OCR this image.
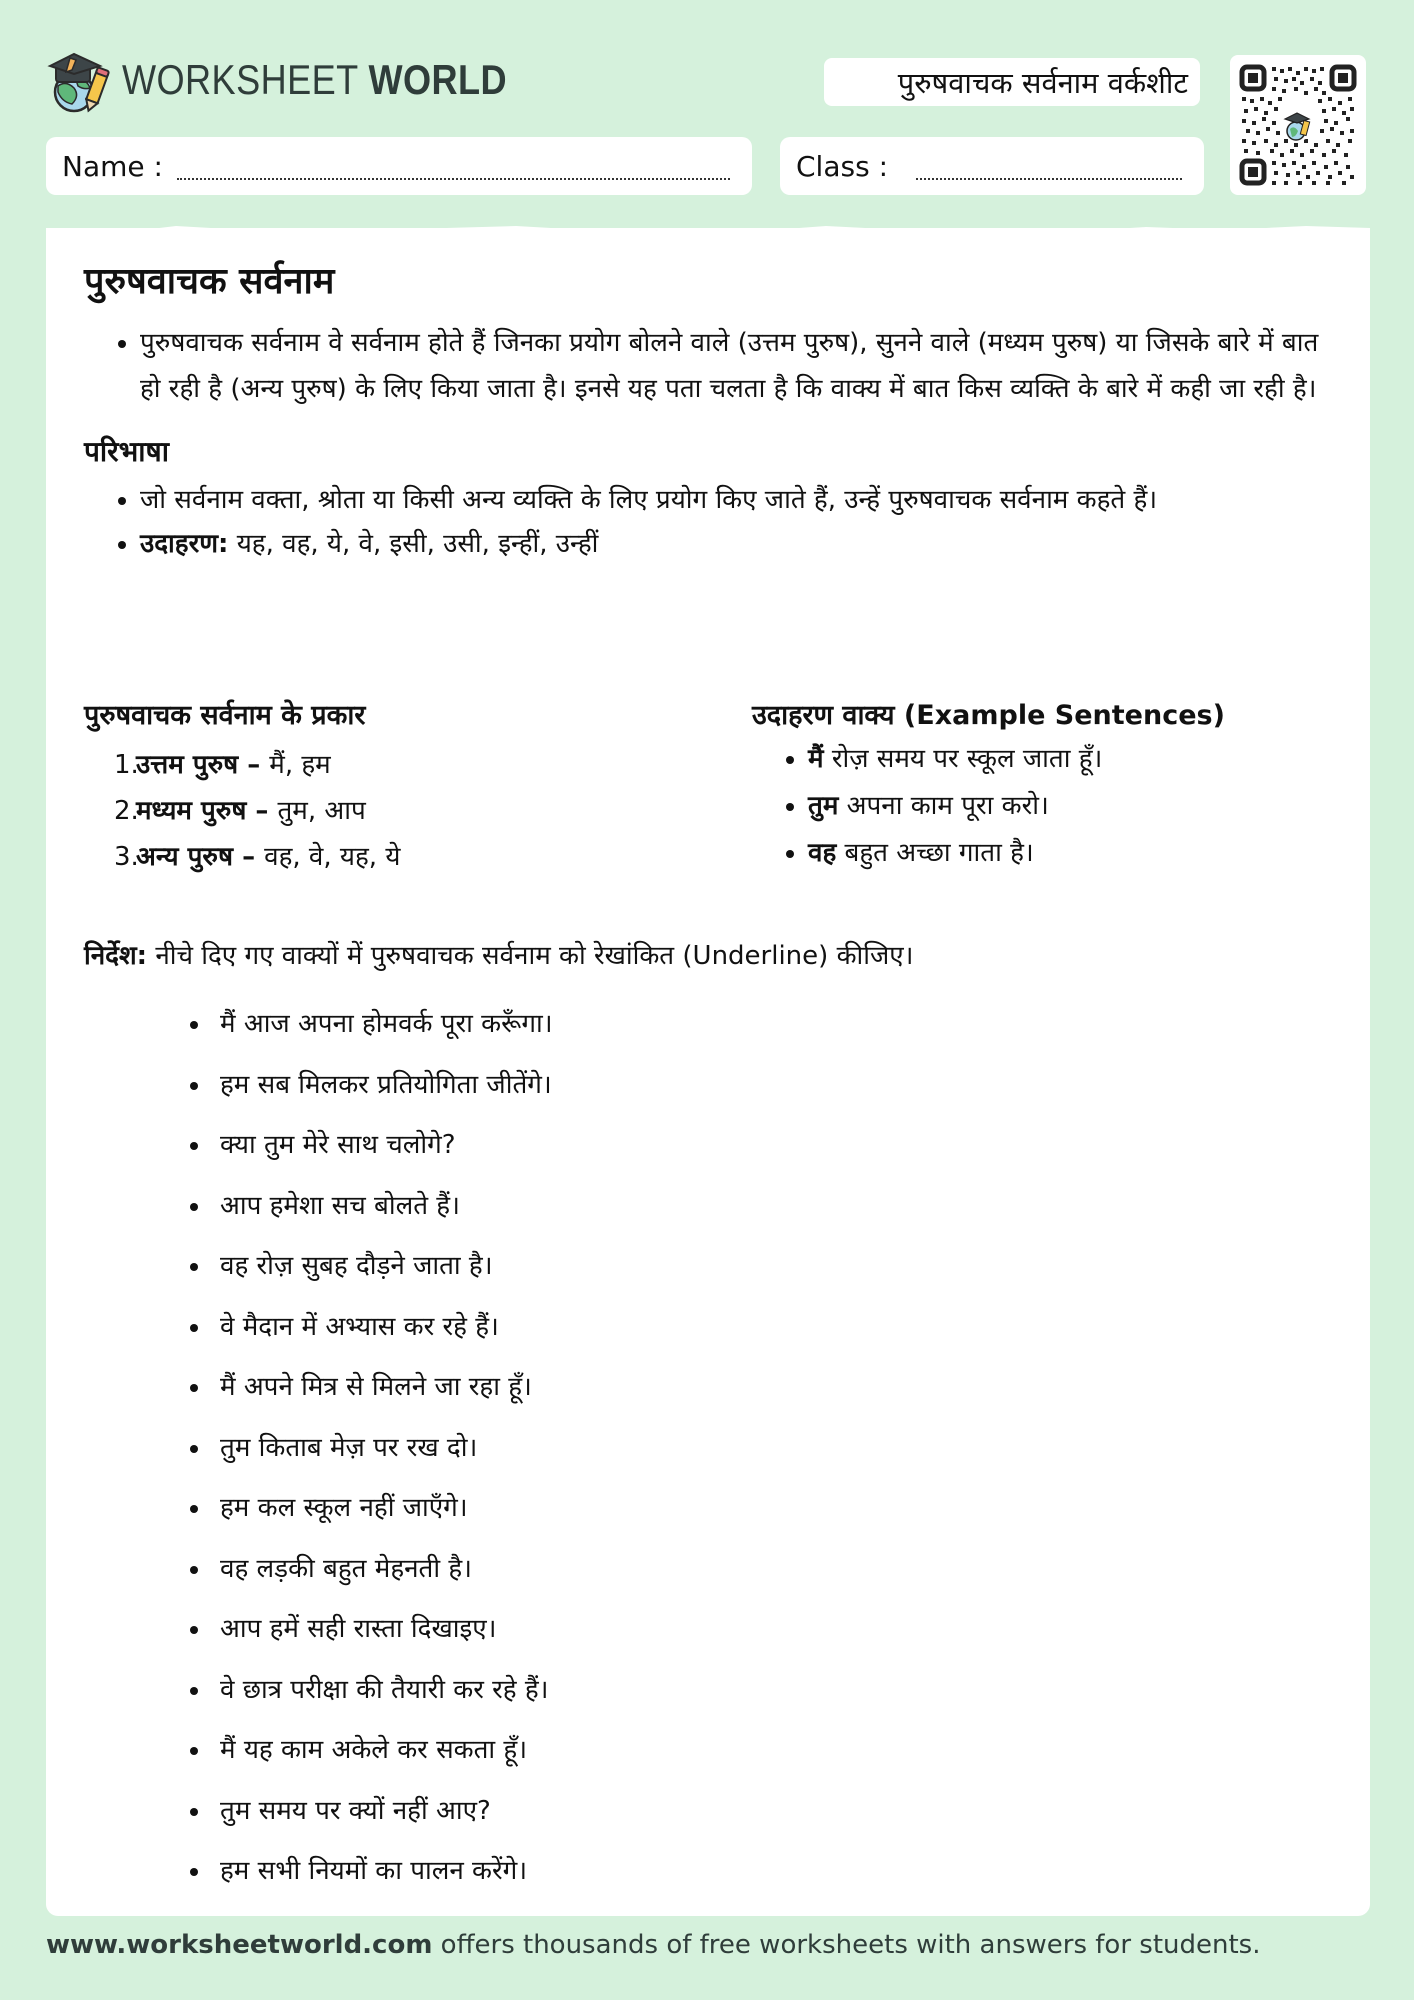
WORKSHEET WORLD	पुरुषवाचक सर्वनाम वर्कशीट
Name :	Class :
पुरुषवाचक सर्वनाम
• पुरुषवाचक सर्वनाम वे सर्वनाम होते हैं जिनका प्रयोग बोलने वाले (उत्तम पुरुष), सुनने वाले (मध्यम पुरुष) या जिसके बारे में बात हो रही है (अन्य पुरुष) के लिए किया जाता है। इनसे यह पता चलता है कि वाक्य में बात किस व्यक्ति के बारे में कही जा रही है।
परिभाषा
• जो सर्वनाम वक्ता, श्रोता या किसी अन्य व्यक्ति के लिए प्रयोग किए जाते हैं, उन्हें पुरुषवाचक सर्वनाम कहते हैं।
• उदाहरण: यह, वह, ये, वे, इसी, उसी, इन्हीं, उन्हीं
पुरुषवाचक सर्वनाम के प्रकार
1.उत्तम पुरुष – मैं, हम
2.मध्यम पुरुष – तुम, आप
3.अन्य पुरुष – वह, वे, यह, ये
उदाहरण वाक्य (Example Sentences)
• मैं रोज़ समय पर स्कूल जाता हूँ।
• तुम अपना काम पूरा करो।
• वह बहुत अच्छा गाता है।
निर्देश: नीचे दिए गए वाक्यों में पुरुषवाचक सर्वनाम को रेखांकित (Underline) कीजिए।
• मैं आज अपना होमवर्क पूरा करूँगा।
• हम सब मिलकर प्रतियोगिता जीतेंगे।
• क्या तुम मेरे साथ चलोगे?
• आप हमेशा सच बोलते हैं।
• वह रोज़ सुबह दौड़ने जाता है।
• वे मैदान में अभ्यास कर रहे हैं।
• मैं अपने मित्र से मिलने जा रहा हूँ।
• तुम किताब मेज़ पर रख दो।
• हम कल स्कूल नहीं जाएँगे।
• वह लड़की बहुत मेहनती है।
• आप हमें सही रास्ता दिखाइए।
• वे छात्र परीक्षा की तैयारी कर रहे हैं।
• मैं यह काम अकेले कर सकता हूँ।
• तुम समय पर क्यों नहीं आए?
• हम सभी नियमों का पालन करेंगे।
www.worksheetworld.com offers thousands of free worksheets with answers for students.
